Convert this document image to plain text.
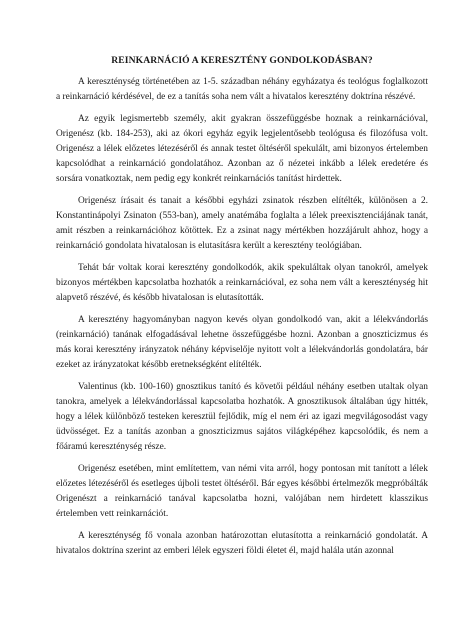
REINKARNÁCIÓ A KERESZTÉNY GONDOLKODÁSBAN?

A kereszténység történetében az 1-5. században néhány egyházatya és teológus foglalkozott a reinkarnáció kérdésével, de ez a tanítás soha nem vált a hivatalos keresztény doktrína részévé.

Az egyik legismertebb személy, akit gyakran összefüggésbe hoznak a reinkarnációval, Origenész (kb. 184-253), aki az ókori egyház egyik legjelentősebb teológusa és filozófusa volt. Origenész a lélek előzetes létezéséről és annak testet öltéséről spekulált, ami bizonyos értelemben kapcsolódhat a reinkarnáció gondolatához. Azonban az ő nézetei inkább a lélek eredetére és sorsára vonatkoztak, nem pedig egy konkrét reinkarnációs tanítást hirdettek.

Origenész írásait és tanait a későbbi egyházi zsinatok részben elítélték, különösen a 2. Konstantinápolyi Zsinaton (553-ban), amely anatémába foglalta a lélek preexisztenciájának tanát, amit részben a reinkarnációhoz kötöttek. Ez a zsinat nagy mértékben hozzájárult ahhoz, hogy a reinkarnáció gondolata hivatalosan is elutasításra került a keresztény teológiában.

Tehát bár voltak korai keresztény gondolkodók, akik spekuláltak olyan tanokról, amelyek bizonyos mértékben kapcsolatba hozhatók a reinkarnációval, ez soha nem vált a kereszténység hit alapvető részévé, és később hivatalosan is elutasították.

A keresztény hagyományban nagyon kevés olyan gondolkodó van, akit a lélekvándorlás (reinkarnáció) tanának elfogadásával lehetne összefüggésbe hozni. Azonban a gnoszticizmus és más korai keresztény irányzatok néhány képviselője nyitott volt a lélekvándorlás gondolatára, bár ezeket az irányzatokat később eretnekségként elítélték.

Valentinus (kb. 100-160) gnosztikus tanító és követői például néhány esetben utaltak olyan tanokra, amelyek a lélekvándorlással kapcsolatba hozhatók. A gnosztikusok általában úgy hitték, hogy a lélek különböző testeken keresztül fejlődik, míg el nem éri az igazi megvilágosodást vagy üdvösséget. Ez a tanítás azonban a gnoszticizmus sajátos világképéhez kapcsolódik, és nem a főáramú kereszténység része.

Origenész esetében, mint említettem, van némi vita arról, hogy pontosan mit tanított a lélek előzetes létezéséről és esetleges újboli testet öltéséről. Bár egyes későbbi értelmezők megpróbálták Origenészt a reinkarnáció tanával kapcsolatba hozni, valójában nem hirdetett klasszikus értelemben vett reinkarnációt.

A kereszténység fő vonala azonban határozottan elutasította a reinkarnáció gondolatát. A hivatalos doktrína szerint az emberi lélek egyszeri földi életet él, majd halála után azonnal
